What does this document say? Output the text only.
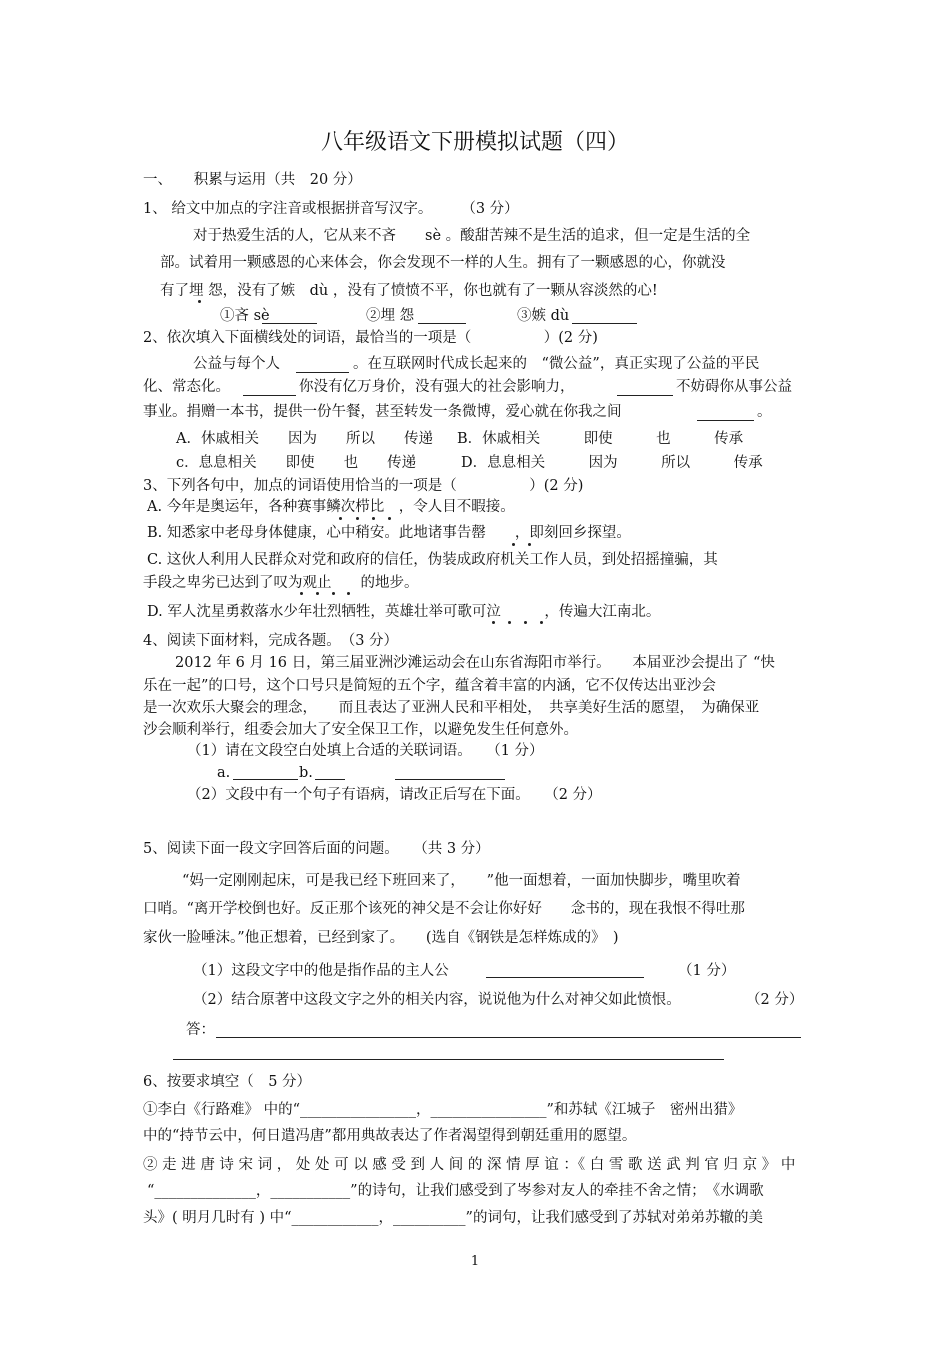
八年级语文下册模拟试题（四）
一、　　积累与运用（共　20 分）
1、 给文中加点的字注音或根据拼音写汉字。　　　（3 分）
对于热爱生活的人，它从来不吝　　sè 。酸甜苦辣不是生活的追求，但一定是生活的全
部。试着用一颗感恩的心来体会，你会发现不一样的人生。拥有了一颗感恩的心，你就没
有了埋 怨，没有了嫉　dù ，没有了愤愤不平，你也就有了一颗从容淡然的心!
①吝 sè	②埋 怨	③嫉 dù
2、依次填入下面横线处的词语，最恰当的一项是（　　　　　）(2 分)
公益与每个人	。在互联网时代成长起来的　“微公益”，真正实现了公益的平民
化、常态化。	你没有亿万身价，没有强大的社会影响力，	不妨碍你从事公益
事业。捐赠一本书，提供一份午餐，甚至转发一条微博，爱心就在你我之间	。
A．休戚相关　　因为　　所以　　传递 B．休戚相关　　　即使　　　也　　　传承
c．息息相关　　即使　　也　　传递	D．息息相关　　　因为　　　所以　　　传承
3、下列各句中，加点的词语使用恰当的一项是（　　　　　）(2 分)
A. 今年是奥运年，各种赛事鳞次栉比　，令人目不暇接。
B. 知悉家中老母身体健康，心中稍安。此地诸事告罄　　，即刻回乡探望。
C. 这伙人利用人民群众对党和政府的信任，伪装成政府机关工作人员，到处招摇撞骗，其
手段之卑劣已达到了叹为观止　　的地步。
D. 军人沈星勇救落水少年壮烈牺牲，英雄壮举可歌可泣　　　，传遍大江南北。
4、阅读下面材料，完成各题。　（3 分）
2012 年 6 月 16 日，第三届亚洲沙滩运动会在山东省海阳市举行。　　本届亚沙会提出了 “快
乐在一起”的口号，这个口号只是简短的五个字，蕴含着丰富的内涵，它不仅传达出亚沙会
是一次欢乐大聚会的理念，　　而且表达了亚洲人民和平相处，　共享美好生活的愿望，　为确保亚
沙会顺利举行，组委会加大了安全保卫工作，以避免发生任何意外。
（1）请在文段空白处填上合适的关联词语。　　（1 分）
a.	b.
（2）文段中有一个句子有语病，请改正后写在下面。　　（2 分）
5、阅读下面一段文字回答后面的问题。　　（共 3 分）
“妈一定刚刚起床，可是我已经下班回来了，　　”他一面想着，一面加快脚步，嘴里吹着
口哨。“离开学校倒也好。反正那个该死的神父是不会让你好好　　念书的，现在我恨不得吐那
家伙一脸唾沫。”他正想着，已经到家了。　　(选自《钢铁是怎样炼成的》　)
（1）这段文字中的他是指作品的主人公	（1 分）
（2）结合原著中这段文字之外的相关内容，说说他为什么对神父如此愤恨。	（2 分）
答：
6、按要求填空（　5 分）
①李白《行路难》 中的“________________，________________”和苏轼《江城子　密州出猎》
中的“持节云中，何日遣冯唐”都用典故表达了作者渴望得到朝廷重用的愿望。
② 走 进 唐 诗 宋 词 ， 处 处 可 以 感 受 到 人 间 的 深 情 厚 谊 ：《 白 雪 歌 送 武 判 官 归 京 》 中
“______________，___________”的诗句，让我们感受到了岑参对友人的牵挂不舍之情；　《水调歌
头》( 明月几时有 ) 中“____________，__________”的词句，让我们感受到了苏轼对弟弟苏辙的美
1
